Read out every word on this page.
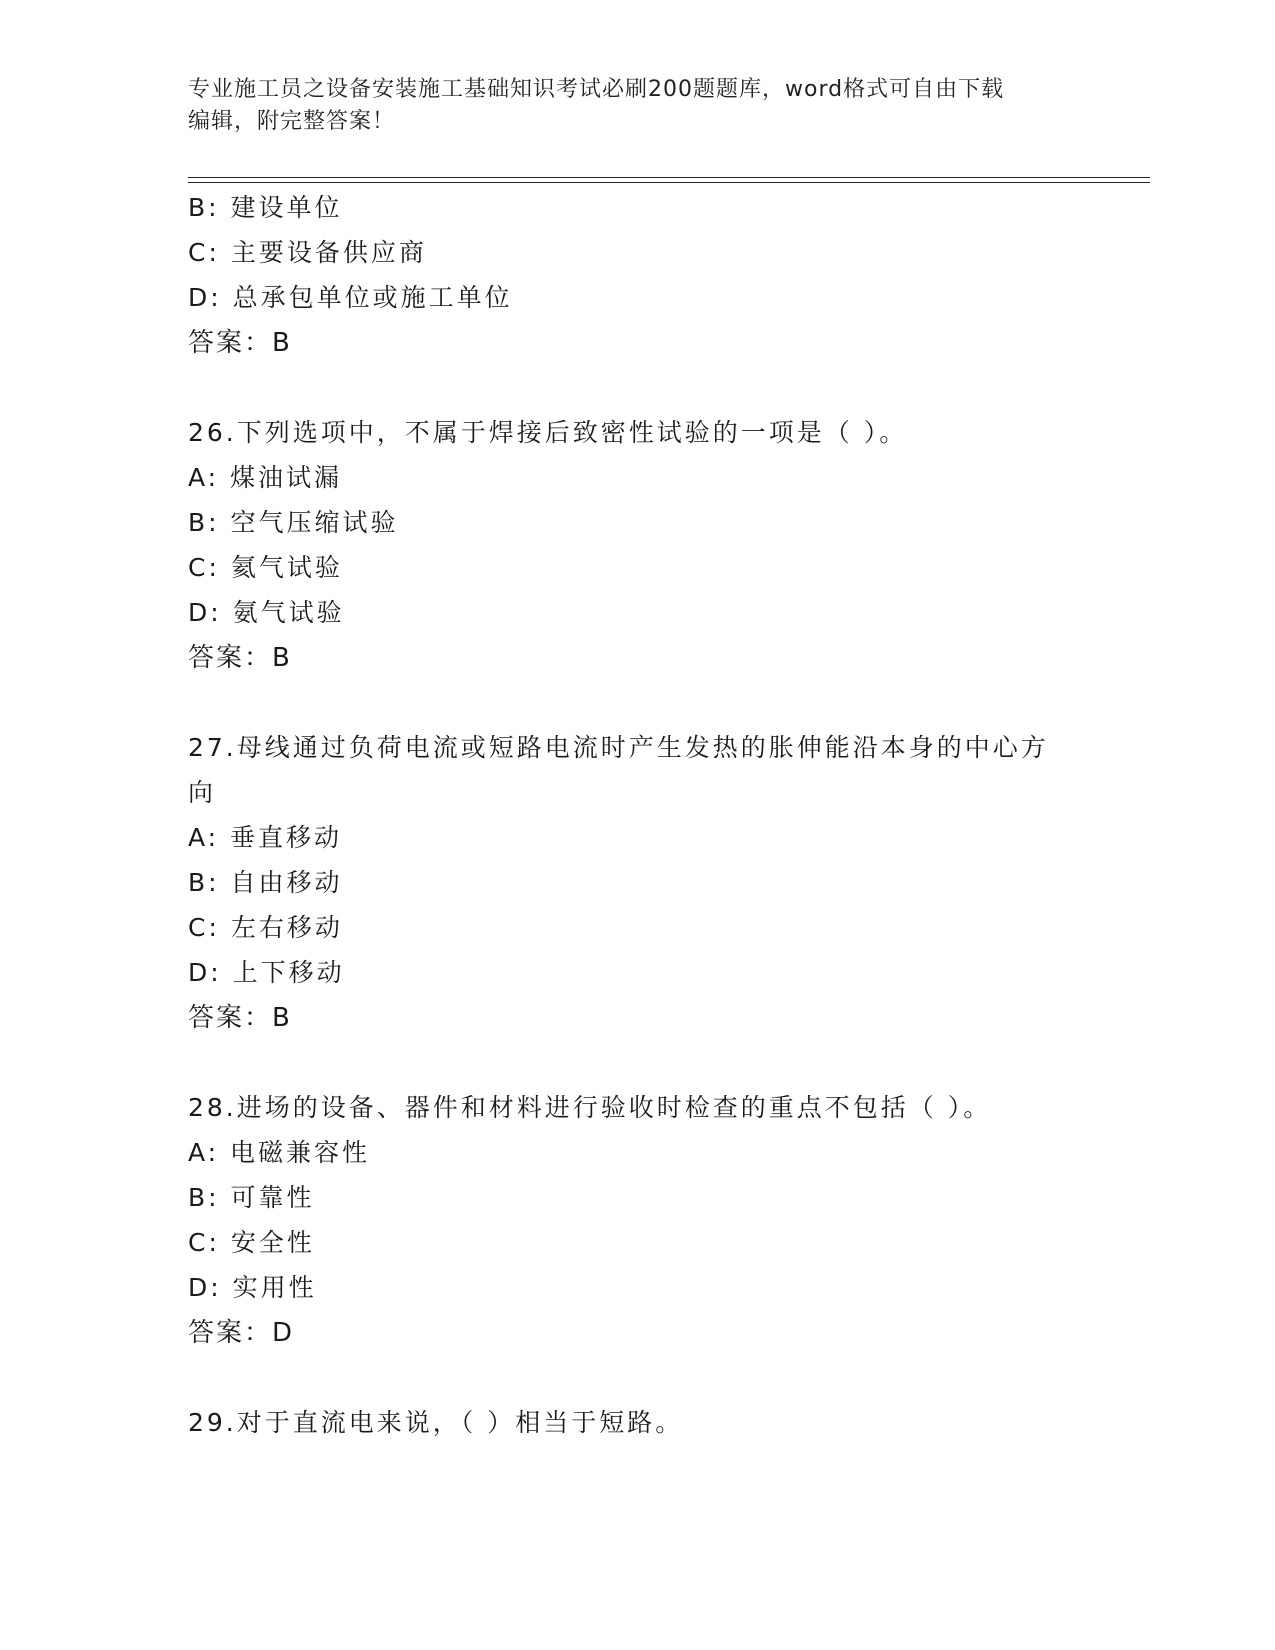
专业施工员之设备安装施工基础知识考试必刷200题题库，word格式可自由下载
编辑，附完整答案！
B: 建设单位
C: 主要设备供应商
D: 总承包单位或施工单位
答案：B
26.下列选项中，不属于焊接后致密性试验的一项是（ ）。
A: 煤油试漏
B: 空气压缩试验
C: 氦气试验
D: 氨气试验
答案：B
27.母线通过负荷电流或短路电流时产生发热的胀伸能沿本身的中心方
向
A: 垂直移动
B: 自由移动
C: 左右移动
D: 上下移动
答案：B
28.进场的设备、器件和材料进行验收时检查的重点不包括（ ）。
A: 电磁兼容性
B: 可靠性
C: 安全性
D: 实用性
答案：D
29.对于直流电来说，（ ）相当于短路。
